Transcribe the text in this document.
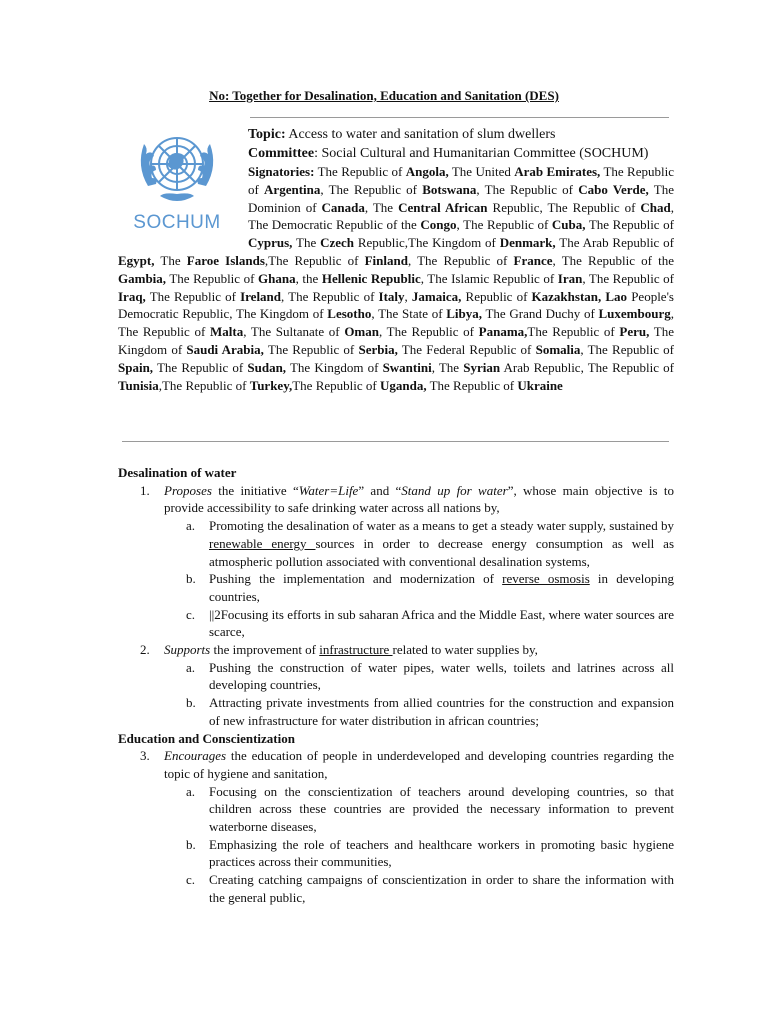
No: Together for Desalination, Education and Sanitation (DES)
SOCHUM
Topic: Access to water and sanitation of slum dwellers
Committee: Social Cultural and Humanitarian Committee (SOCHUM)
Signatories: The Republic of Angola, The United Arab Emirates, The Republic of Argentina, The Republic of Botswana, The Republic of Cabo Verde, The Dominion of Canada, The Central African Republic, The Republic of Chad, The Democratic Republic of the Congo, The Republic of Cuba, The Republic of Cyprus, The Czech Republic,The Kingdom of Denmark, The Arab Republic of Egypt, The Faroe Islands,The Republic of Finland, The Republic of France, The Republic of the Gambia, The Republic of Ghana, the Hellenic Republic, The Islamic Republic of Iran, The Republic of Iraq, The Republic of Ireland, The Republic of Italy, Jamaica, Republic of Kazakhstan, Lao People's Democratic Republic, The Kingdom of Lesotho, The State of Libya, The Grand Duchy of Luxembourg, The Republic of Malta, The Sultanate of Oman, The Republic of Panama,The Republic of Peru, The Kingdom of Saudi Arabia, The Republic of Serbia, The Federal Republic of Somalia, The Republic of Spain, The Republic of Sudan, The Kingdom of Swantini, The Syrian Arab Republic, The Republic of Tunisia,The Republic of Turkey,The Republic of Uganda, The Republic of Ukraine
Desalination of water
1. Proposes the initiative “Water=Life” and “Stand up for water”, whose main objective is to provide accessibility to safe drinking water across all nations by,
a. Promoting the desalination of water as a means to get a steady water supply, sustained by renewable energy sources in order to decrease energy consumption as well as atmospheric pollution associated with conventional desalination systems,
b. Pushing the implementation and modernization of reverse osmosis in developing countries,
c. ||2Focusing its efforts in sub saharan Africa and the Middle East, where water sources are scarce,
2. Supports the improvement of infrastructure related to water supplies by,
a. Pushing the construction of water pipes, water wells, toilets and latrines across all developing countries,
b. Attracting private investments from allied countries for the construction and expansion of new infrastructure for water distribution in african countries;
Education and Conscientization
3. Encourages the education of people in underdeveloped and developing countries regarding the topic of hygiene and sanitation,
a. Focusing on the conscientization of teachers around developing countries, so that children across these countries are provided the necessary information to prevent waterborne diseases,
b. Emphasizing the role of teachers and healthcare workers in promoting basic hygiene practices across their communities,
c. Creating catching campaigns of conscientization in order to share the information with the general public,
